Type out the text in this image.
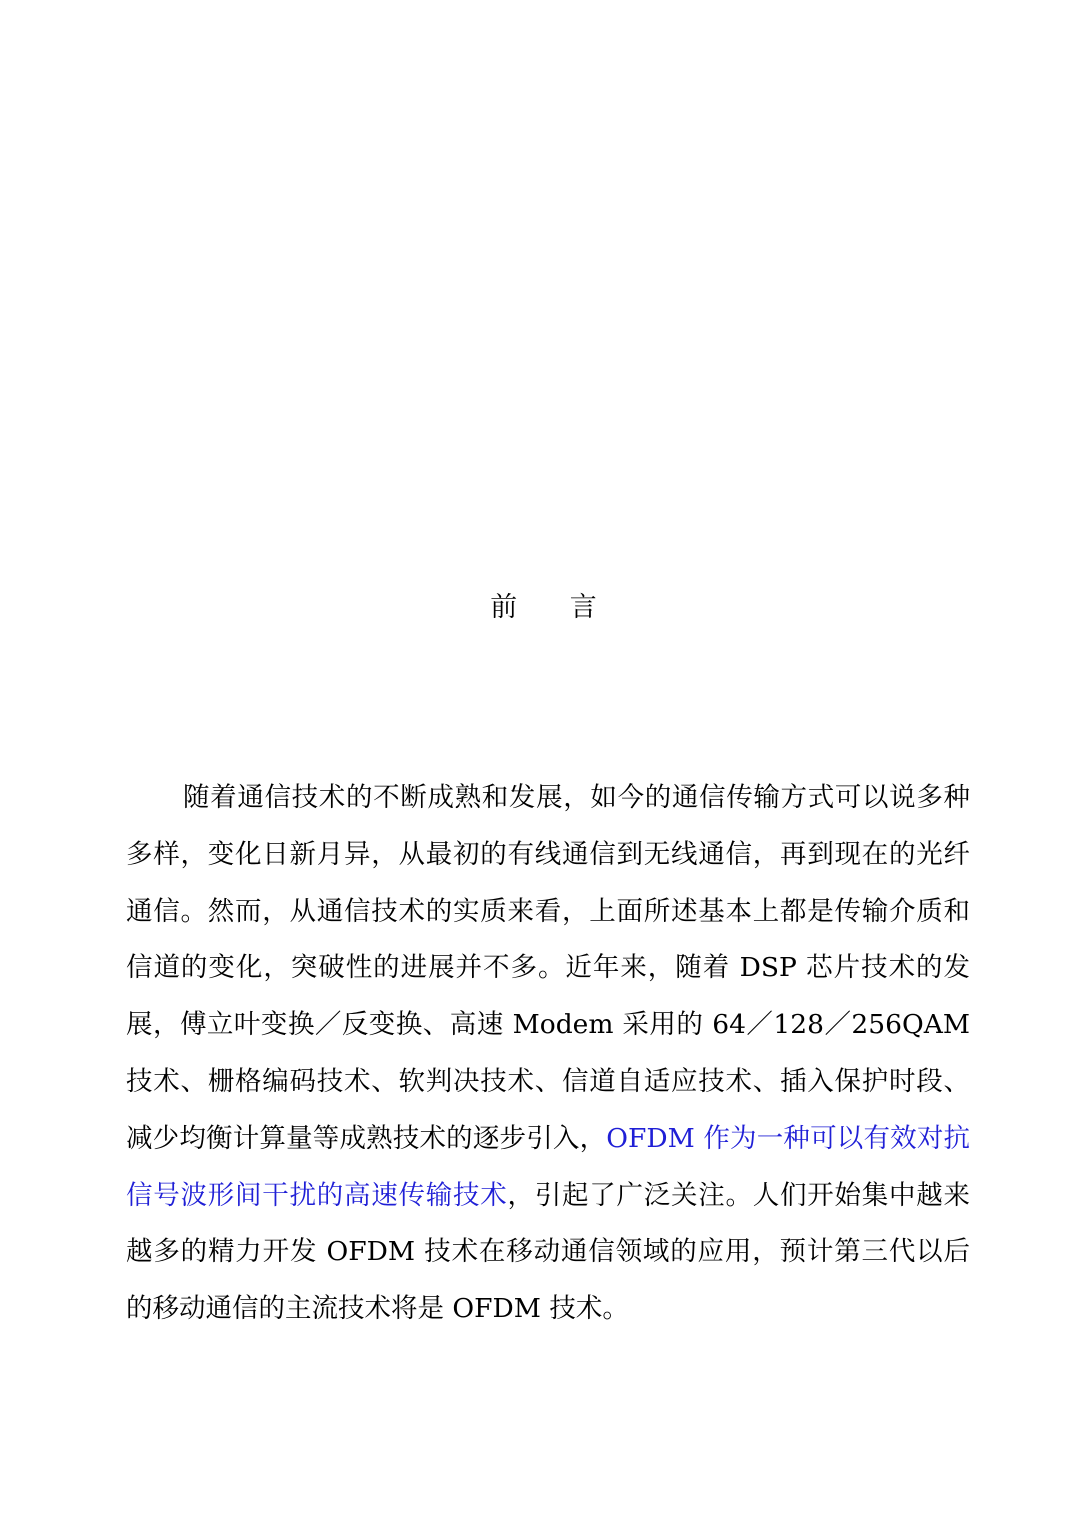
前 言

随着通信技术的不断成熟和发展，如今的通信传输方式可以说多种多样，变化日新月异，从最初的有线通信到无线通信，再到现在的光纤通信。然而，从通信技术的实质来看，上面所述基本上都是传输介质和信道的变化，突破性的进展并不多。近年来，随着 DSP 芯片技术的发展，傅立叶变换／反变换、高速 Modem 采用的 64／128／256QAM 技术、栅格编码技术、软判决技术、信道自适应技术、插入保护时段、减少均衡计算量等成熟技术的逐步引入，OFDM 作为一种可以有效对抗信号波形间干扰的高速传输技术，引起了广泛关注。人们开始集中越来越多的精力开发 OFDM 技术在移动通信领域的应用，预计第三代以后的移动通信的主流技术将是 OFDM 技术。
